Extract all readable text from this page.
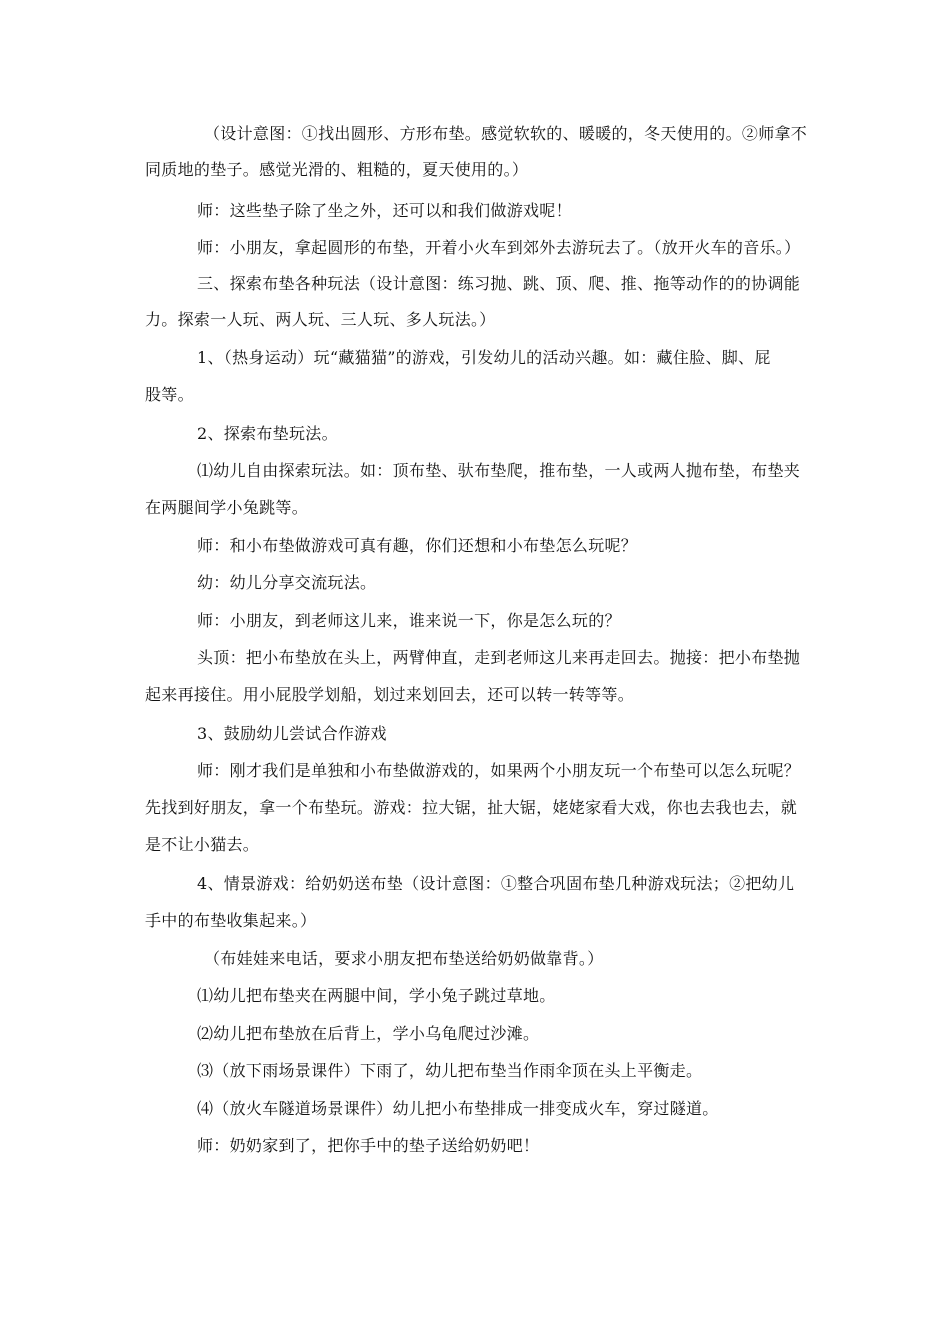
（设计意图：①找出圆形、方形布垫。感觉软软的、暖暖的，冬天使用的。②师拿不

同质地的垫子。感觉光滑的、粗糙的，夏天使用的。）

师：这些垫子除了坐之外，还可以和我们做游戏呢！

师：小朋友，拿起圆形的布垫，开着小火车到郊外去游玩去了。（放开火车的音乐。）

三、探索布垫各种玩法（设计意图：练习抛、跳、顶、爬、推、拖等动作的的协调能

力。探索一人玩、两人玩、三人玩、多人玩法。）

1、（热身运动）玩“藏猫猫”的游戏，引发幼儿的活动兴趣。如：藏住脸、脚、屁

股等。

2、探索布垫玩法。

⑴幼儿自由探索玩法。如：顶布垫、驮布垫爬，推布垫，一人或两人抛布垫，布垫夹

在两腿间学小兔跳等。

师：和小布垫做游戏可真有趣，你们还想和小布垫怎么玩呢？

幼：幼儿分享交流玩法。

师：小朋友，到老师这儿来，谁来说一下，你是怎么玩的？

头顶：把小布垫放在头上，两臂伸直，走到老师这儿来再走回去。抛接：把小布垫抛

起来再接住。用小屁股学划船，划过来划回去，还可以转一转等等。

3、鼓励幼儿尝试合作游戏

师：刚才我们是单独和小布垫做游戏的，如果两个小朋友玩一个布垫可以怎么玩呢？

先找到好朋友，拿一个布垫玩。游戏：拉大锯，扯大锯，姥姥家看大戏，你也去我也去，就

是不让小猫去。

4、情景游戏：给奶奶送布垫（设计意图：①整合巩固布垫几种游戏玩法；②把幼儿

手中的布垫收集起来。）

（布娃娃来电话，要求小朋友把布垫送给奶奶做靠背。）

⑴幼儿把布垫夹在两腿中间，学小兔子跳过草地。

⑵幼儿把布垫放在后背上，学小乌龟爬过沙滩。

⑶（放下雨场景课件）下雨了，幼儿把布垫当作雨伞顶在头上平衡走。

⑷（放火车隧道场景课件）幼儿把小布垫排成一排变成火车，穿过隧道。

师：奶奶家到了，把你手中的垫子送给奶奶吧！
